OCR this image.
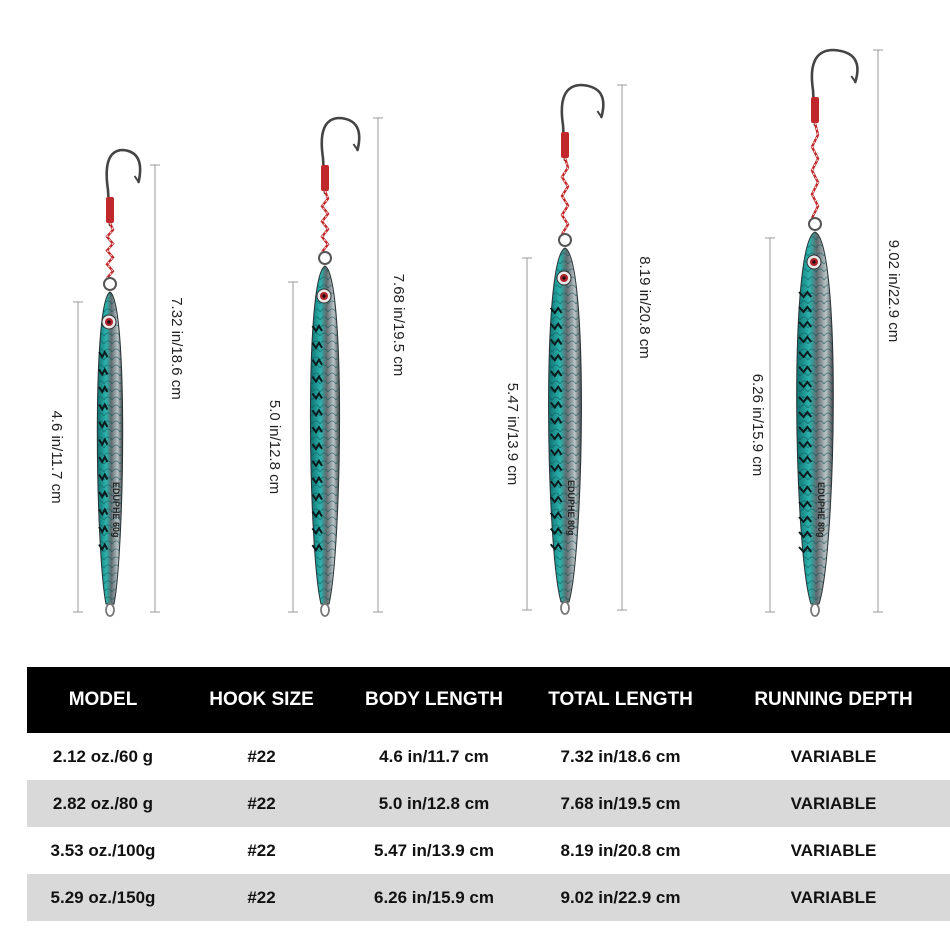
EDUPHE 60g
4.6 in/11.7 cm
7.32 in/18.6 cm
5.0 in/12.8 cm
7.68 in/19.5 cm
EDUPHE 80g
5.47 in/13.9 cm
8.19 in/20.8 cm
EDUPHE 80g
6.26 in/15.9 cm
9.02 in/22.9 cm
MODEL	HOOK SIZE	BODY LENGTH	TOTAL LENGTH	RUNNING DEPTH
2.12 oz./60 g	#22	4.6 in/11.7 cm	7.32 in/18.6 cm	VARIABLE
2.82 oz./80 g	#22	5.0 in/12.8 cm	7.68 in/19.5 cm	VARIABLE
3.53 oz./100g	#22	5.47 in/13.9 cm	8.19 in/20.8 cm	VARIABLE
5.29 oz./150g	#22	6.26 in/15.9 cm	9.02 in/22.9 cm	VARIABLE
